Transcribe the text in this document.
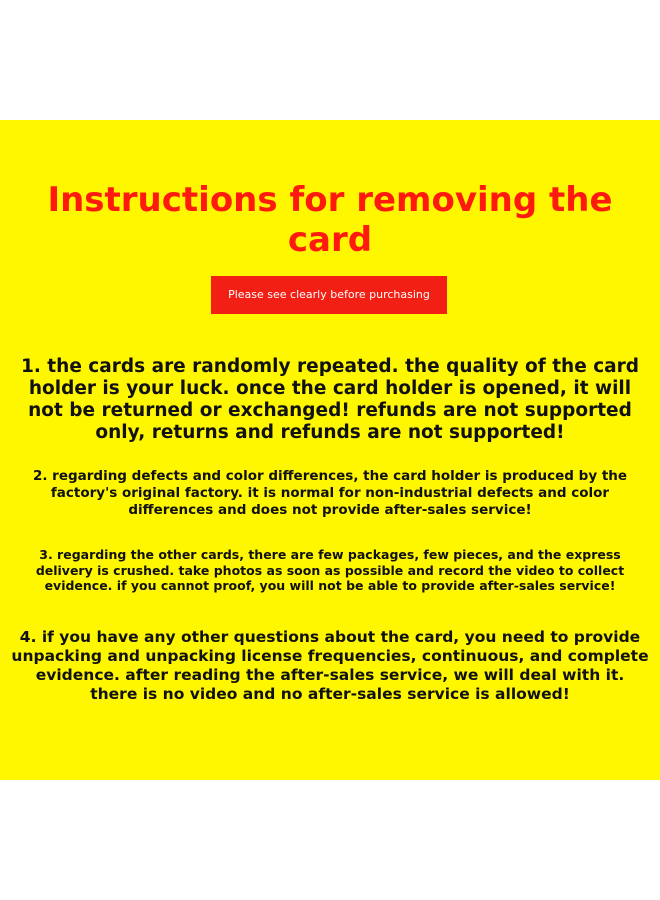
Instructions for removing the card
Please see clearly before purchasing

1. the cards are randomly repeated. the quality of the card holder is your luck. once the card holder is opened, it will not be returned or exchanged! refunds are not supported only, returns and refunds are not supported!

2. regarding defects and color differences, the card holder is produced by the factory's original factory. it is normal for non-industrial defects and color differences and does not provide after-sales service!

3. regarding the other cards, there are few packages, few pieces, and the express delivery is crushed. take photos as soon as possible and record the video to collect evidence. if you cannot proof, you will not be able to provide after-sales service!

4. if you have any other questions about the card, you need to provide unpacking and unpacking license frequencies, continuous, and complete evidence. after reading the after-sales service, we will deal with it. there is no video and no after-sales service is allowed!
